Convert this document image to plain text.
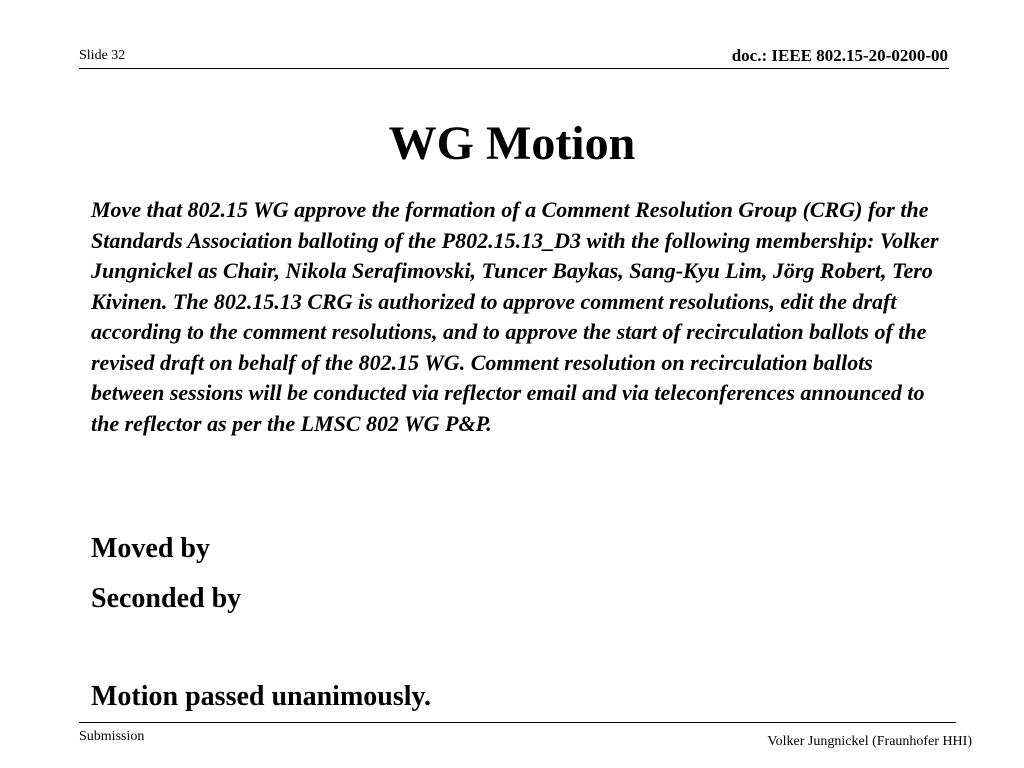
Slide 32	doc.: IEEE 802.15-20-0200-00
WG Motion

Move that 802.15 WG approve the formation of a Comment Resolution Group (CRG) for the Standards Association balloting of the P802.15.13_D3 with the following membership: Volker Jungnickel as Chair, Nikola Serafimovski, Tuncer Baykas, Sang-Kyu Lim, Jörg Robert, Tero Kivinen. The 802.15.13 CRG is authorized to approve comment resolutions, edit the draft according to the comment resolutions, and to approve the start of recirculation ballots of the revised draft on behalf of the 802.15 WG. Comment resolution on recirculation ballots between sessions will be conducted via reflector email and via teleconferences announced to the reflector as per the LMSC 802 WG P&P.

Moved by

Seconded by

Motion passed unanimously.

Submission	Volker Jungnickel (Fraunhofer HHI)
